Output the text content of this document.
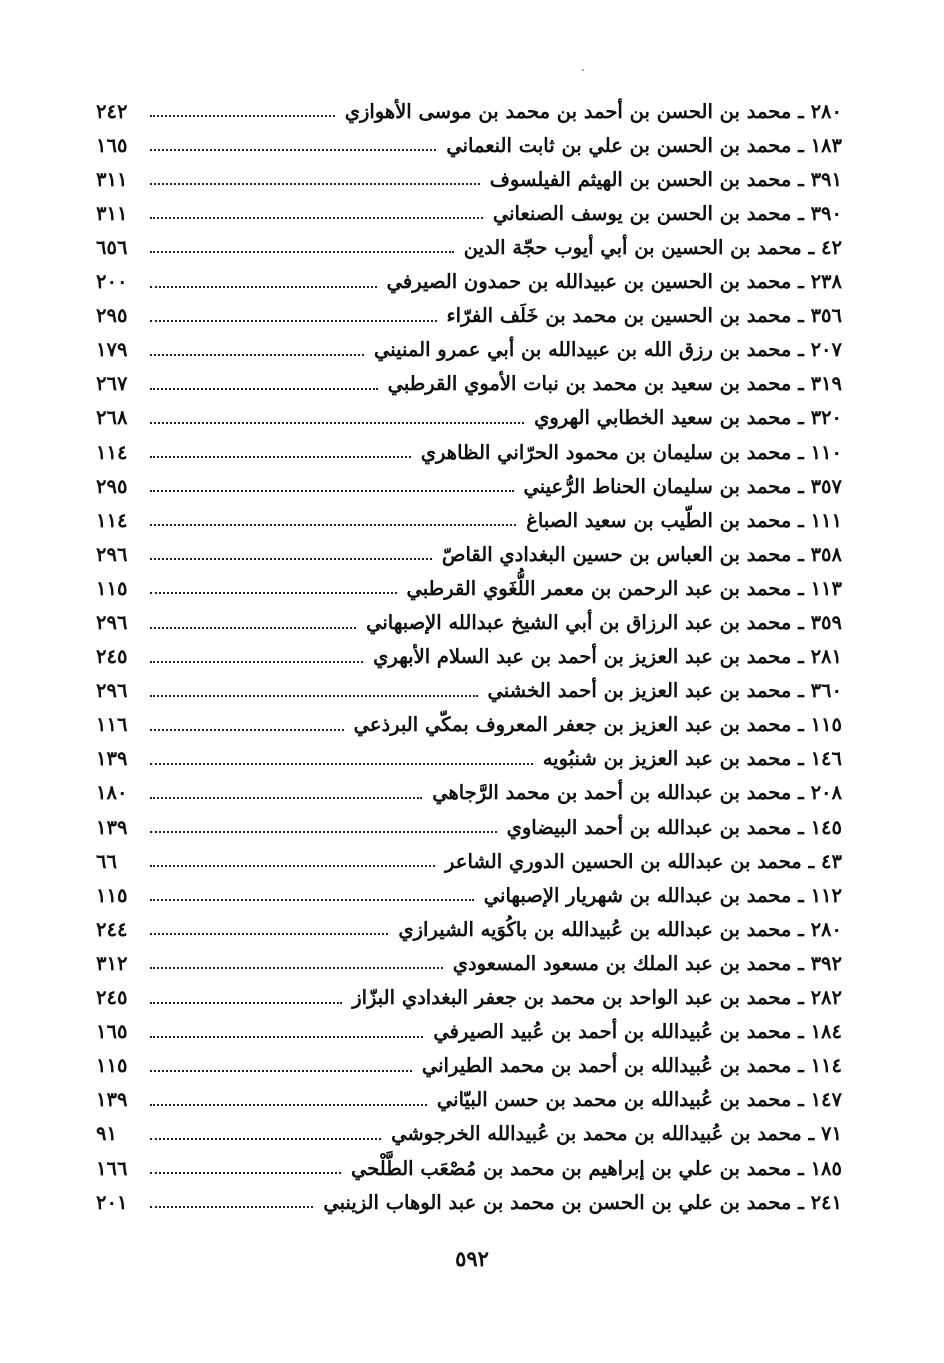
٢٨٠ ـ محمد بن الحسن بن أحمد بن محمد بن موسى الأهوازي
٢٤٢
١٨٣ ـ محمد بن الحسن بن علي بن ثابت النعماني
١٦٥
٣٩١ ـ محمد بن الحسن بن الهيثم الفيلسوف
٣١١
٣٩٠ ـ محمد بن الحسن بن يوسف الصنعاني
٣١١
٤٢ ـ محمد بن الحسين بن أبي أيوب حجّة الدين
٦٥٦
٢٣٨ ـ محمد بن الحسين بن عبيدالله بن حمدون الصيرفي
٢٠٠
٣٥٦ ـ محمد بن الحسين بن محمد بن خَلَف الفرّاء
٢٩٥
٢٠٧ ـ محمد بن رزق الله بن عبيدالله بن أبي عمرو المنيني
١٧٩
٣١٩ ـ محمد بن سعيد بن محمد بن نبات الأموي القرطبي
٢٦٧
٣٢٠ ـ محمد بن سعيد الخطابي الهروي
٢٦٨
١١٠ ـ محمد بن سليمان بن محمود الحرّاني الظاهري
١١٤
٣٥٧ ـ محمد بن سليمان الحناط الرُّعيني
٢٩٥
١١١ ـ محمد بن الطّيب بن سعيد الصباغ
١١٤
٣٥٨ ـ محمد بن العباس بن حسين البغدادي القاصّ
٢٩٦
١١٣ ـ محمد بن عبد الرحمن بن معمر اللُّغَوي القرطبي
١١٥
٣٥٩ ـ محمد بن عبد الرزاق بن أبي الشيخ عبدالله الإصبهاني
٢٩٦
٢٨١ ـ محمد بن عبد العزيز بن أحمد بن عبد السلام الأبهري
٢٤٥
٣٦٠ ـ محمد بن عبد العزيز بن أحمد الخشني
٢٩٦
١١٥ ـ محمد بن عبد العزيز بن جعفر المعروف بمكّي البرذعي
١١٦
١٤٦ ـ محمد بن عبد العزيز بن شنبُويه
١٣٩
٢٠٨ ـ محمد بن عبدالله بن أحمد بن محمد الرَّجاهي
١٨٠
١٤٥ ـ محمد بن عبدالله بن أحمد البيضاوي
١٣٩
٤٣ ـ محمد بن عبدالله بن الحسين الدوري الشاعر
٦٦
١١٢ ـ محمد بن عبدالله بن شهريار الإصبهاني
١١٥
٢٨٠ ـ محمد بن عبدالله بن عُبيدالله بن باكُوَيه الشيرازي
٢٤٤
٣٩٢ ـ محمد بن عبد الملك بن مسعود المسعودي
٣١٢
٢٨٢ ـ محمد بن عبد الواحد بن محمد بن جعفر البغدادي البزّاز
٢٤٥
١٨٤ ـ محمد بن عُبيدالله بن أحمد بن عُبيد الصيرفي
١٦٥
١١٤ ـ محمد بن عُبيدالله بن أحمد بن محمد الطيراني
١١٥
١٤٧ ـ محمد بن عُبيدالله بن محمد بن حسن البيّاني
١٣٩
٧١ ـ محمد بن عُبيدالله بن محمد بن عُبيدالله الخرجوشي
٩١
١٨٥ ـ محمد بن علي بن إبراهيم بن محمد بن مُصْعَب الطَّلْحي
١٦٦
٢٤١ ـ محمد بن علي بن الحسن بن محمد بن عبد الوهاب الزينبي
٢٠١
٥٩٢
